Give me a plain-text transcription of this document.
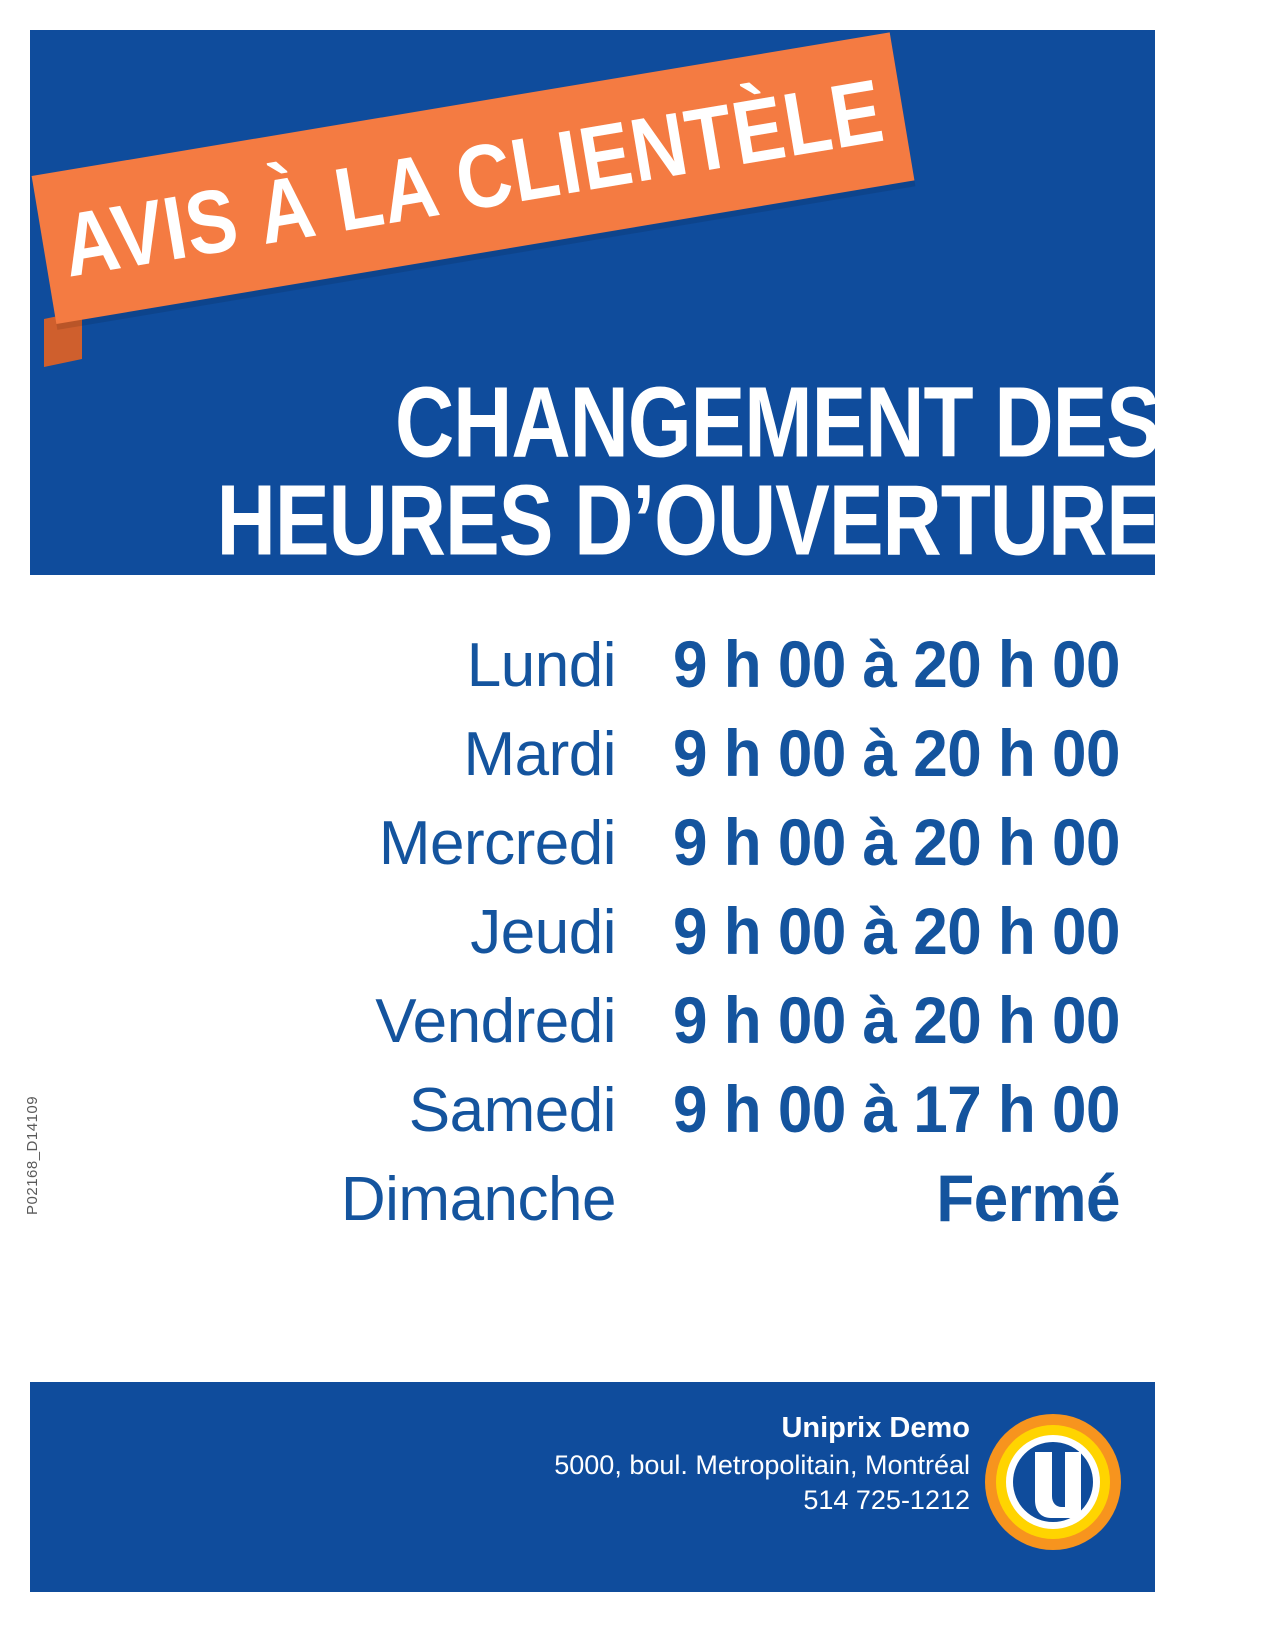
AVIS À LA CLIENTÈLE
CHANGEMENT DES
HEURES D’OUVERTURE
Lundi 9 h 00 à 20 h 00
Mardi 9 h 00 à 20 h 00
Mercredi 9 h 00 à 20 h 00
Jeudi 9 h 00 à 20 h 00
Vendredi 9 h 00 à 20 h 00
Samedi 9 h 00 à 17 h 00
Dimanche	Fermé
P02168_D14109
Uniprix Demo
5000, boul. Metropolitain, Montréal
514 725-1212
